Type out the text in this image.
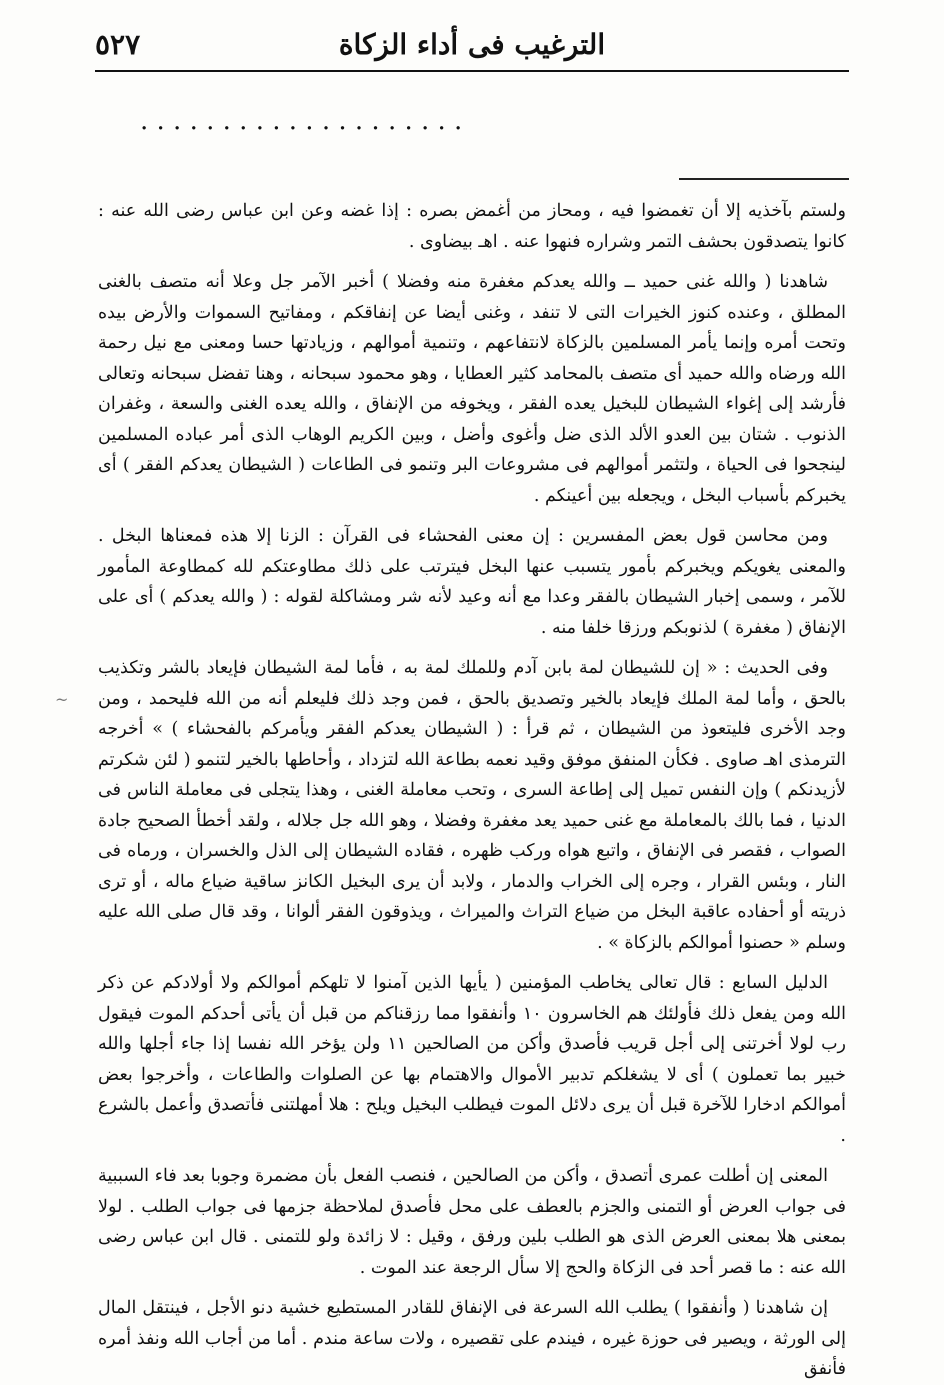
٥٢٧	الترغيب فى أداء الزكاة
. . . . . . . . . . . . . . . . . . . .
~

ولستم بآخذيه إلا أن تغمضوا فيه ، ومحاز من أغمض بصره : إذا غضه وعن ابن عباس رضى الله عنه : كانوا يتصدقون بحشف التمر وشراره فنهوا عنه . اهـ بيضاوى .

شاهدنا ( والله غنى حميد ــ والله يعدكم مغفرة منه وفضلا ) أخبر الآمر جل وعلا أنه متصف بالغنى المطلق ، وعنده كنوز الخيرات التى لا تنفد ، وغنى أيضا عن إنفاقكم ، ومفاتيح السموات والأرض بيده وتحت أمره وإنما يأمر المسلمين بالزكاة لانتفاعهم ، وتنمية أموالهم ، وزيادتها حسا ومعنى مع نيل رحمة الله ورضاه والله حميد أى متصف بالمحامد كثير العطايا ، وهو محمود سبحانه ، وهنا تفضل سبحانه وتعالى فأرشد إلى إغواء الشيطان للبخيل يعده الفقر ، ويخوفه من الإنفاق ، والله يعده الغنى والسعة ، وغفران الذنوب . شتان بين العدو الألد الذى ضل وأغوى وأضل ، وبين الكريم الوهاب الذى أمر عباده المسلمين لينجحوا فى الحياة ، ولتثمر أموالهم فى مشروعات البر وتنمو فى الطاعات ( الشيطان يعدكم الفقر ) أى يخبركم بأسباب البخل ، ويجعله بين أعينكم .

ومن محاسن قول بعض المفسرين : إن معنى الفحشاء فى القرآن : الزنا إلا هذه فمعناها البخل . والمعنى يغويكم ويخبركم بأمور يتسبب عنها البخل فيترتب على ذلك مطاوعتكم لله كمطاوعة المأمور للآمر ، وسمى إخبار الشيطان بالفقر وعدا مع أنه وعيد لأنه شر ومشاكلة لقوله : ( والله يعدكم ) أى على الإنفاق ( مغفرة ) لذنوبكم ورزقا خلفا منه .

وفى الحديث : « إن للشيطان لمة بابن آدم وللملك لمة به ، فأما لمة الشيطان فإيعاد بالشر وتكذيب بالحق ، وأما لمة الملك فإيعاد بالخير وتصديق بالحق ، فمن وجد ذلك فليعلم أنه من الله فليحمد ، ومن وجد الأخرى فليتعوذ من الشيطان ، ثم قرأ : ( الشيطان يعدكم الفقر ويأمركم بالفحشاء ) » أخرجه الترمذى اهـ صاوى . فكأن المنفق موفق وقيد نعمه بطاعة الله لتزداد ، وأحاطها بالخير لتنمو ( لئن شكرتم لأزيدنكم ) وإن النفس تميل إلى إطاعة السرى ، وتحب معاملة الغنى ، وهذا يتجلى فى معاملة الناس فى الدنيا ، فما بالك بالمعاملة مع غنى حميد يعد مغفرة وفضلا ، وهو الله جل جلاله ، ولقد أخطأ الصحيح جادة الصواب ، فقصر فى الإنفاق ، واتبع هواه وركب ظهره ، فقاده الشيطان إلى الذل والخسران ، ورماه فى النار ، وبئس القرار ، وجره إلى الخراب والدمار ، ولابد أن يرى البخيل الكانز ساقية ضياع ماله ، أو ترى ذريته أو أحفاده عاقبة البخل من ضياع التراث والميراث ، ويذوقون الفقر ألوانا ، وقد قال صلى الله عليه وسلم « حصنوا أموالكم بالزكاة » .

الدليل السابع : قال تعالى يخاطب المؤمنين ( يأيها الذين آمنوا لا تلهكم أموالكم ولا أولادكم عن ذكر الله ومن يفعل ذلك فأولئك هم الخاسرون ١٠ وأنفقوا مما رزقناكم من قبل أن يأتى أحدكم الموت فيقول رب لولا أخرتنى إلى أجل قريب فأصدق وأكن من الصالحين ١١ ولن يؤخر الله نفسا إذا جاء أجلها والله خبير بما تعملون ) أى لا يشغلكم تدبير الأموال والاهتمام بها عن الصلوات والطاعات ، وأخرجوا بعض أموالكم ادخارا للآخرة قبل أن يرى دلائل الموت فيطلب البخيل ويلح : هلا أمهلتنى فأتصدق وأعمل بالشرع .

المعنى إن أطلت عمرى أتصدق ، وأكن من الصالحين ، فنصب الفعل بأن مضمرة وجوبا بعد فاء السببية فى جواب العرض أو التمنى والجزم بالعطف على محل فأصدق لملاحظة جزمها فى جواب الطلب . لولا بمعنى هلا بمعنى العرض الذى هو الطلب بلين ورفق ، وقيل : لا زائدة ولو للتمنى . قال ابن عباس رضى الله عنه : ما قصر أحد فى الزكاة والحج إلا سأل الرجعة عند الموت .

إن شاهدنا ( وأنفقوا ) يطلب الله السرعة فى الإنفاق للقادر المستطيع خشية دنو الأجل ، فينتقل المال إلى الورثة ، ويصير فى حوزة غيره ، فيندم على تقصيره ، ولات ساعة مندم . أما من أجاب الله ونفذ أمره فأنفق
